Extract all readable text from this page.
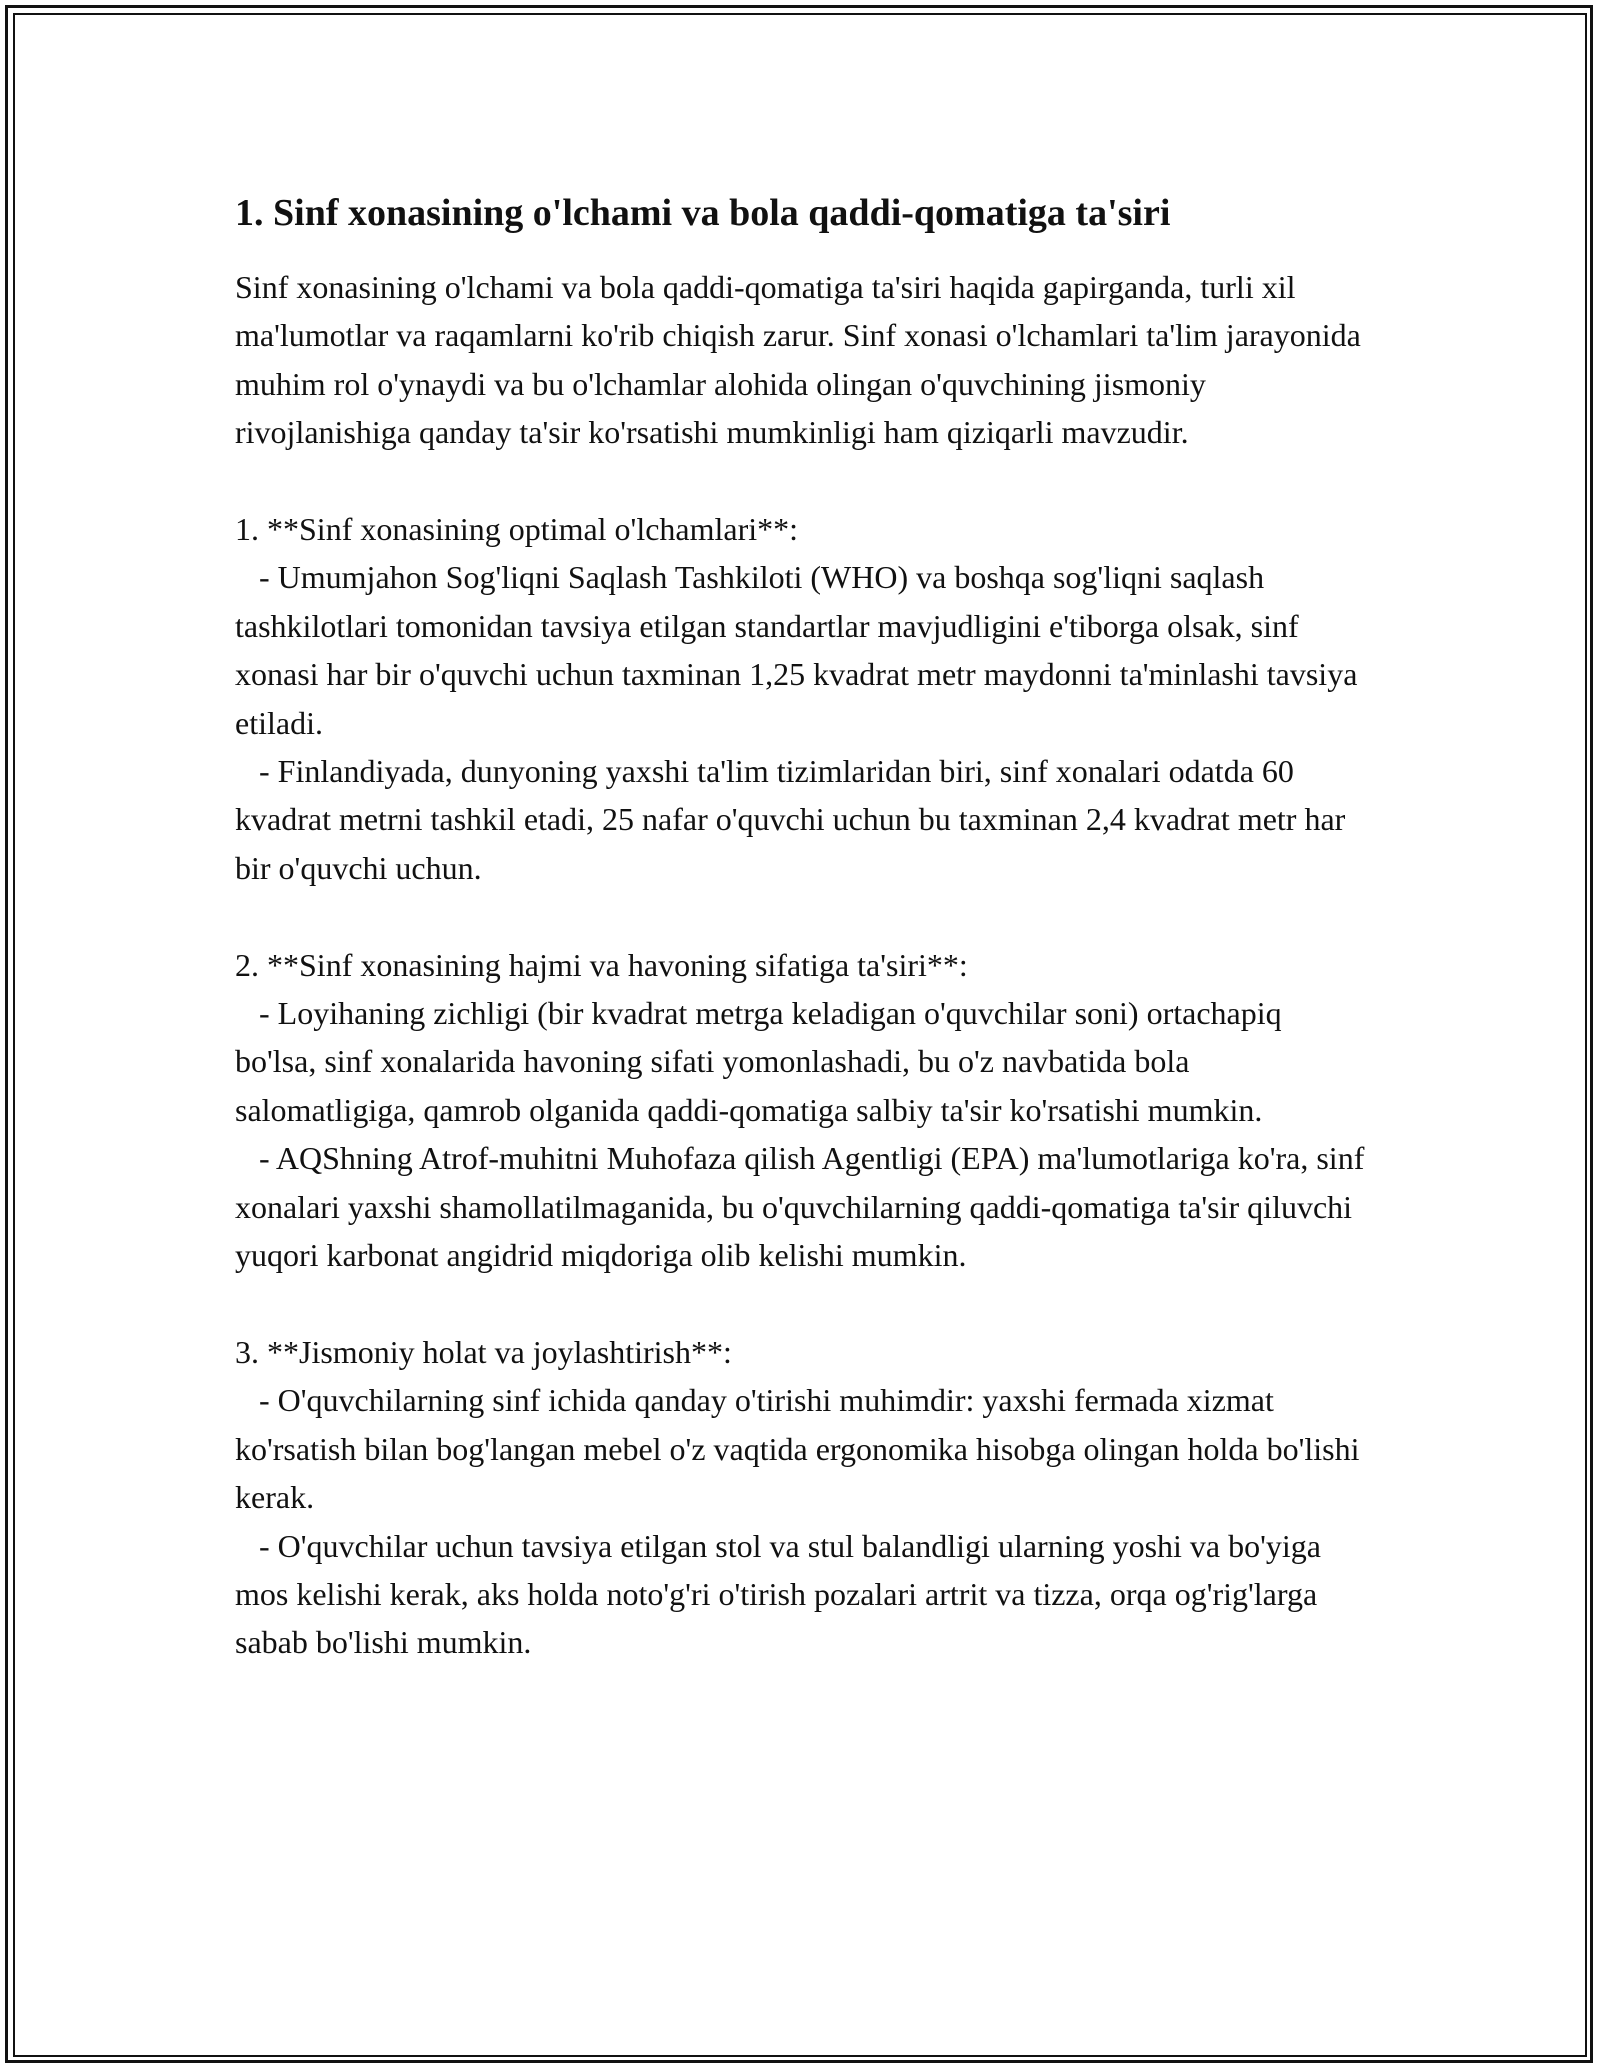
1. Sinf xonasining o'lchami va bola qaddi-qomatiga ta'siri

Sinf xonasining o'lchami va bola qaddi-qomatiga ta'siri haqida gapirganda, turli xil ma'lumotlar va raqamlarni ko'rib chiqish zarur. Sinf xonasi o'lchamlari ta'lim jarayonida muhim rol o'ynaydi va bu o'lchamlar alohida olingan o'quvchining jismoniy rivojlanishiga qanday ta'sir ko'rsatishi mumkinligi ham qiziqarli mavzudir.

1. **Sinf xonasining optimal o'lchamlari**:

- Umumjahon Sog'liqni Saqlash Tashkiloti (WHO) va boshqa sog'liqni saqlash tashkilotlari tomonidan tavsiya etilgan standartlar mavjudligini e'tiborga olsak, sinf xonasi har bir o'quvchi uchun taxminan 1,25 kvadrat metr maydonni ta'minlashi tavsiya etiladi.

- Finlandiyada, dunyoning yaxshi ta'lim tizimlaridan biri, sinf xonalari odatda 60 kvadrat metrni tashkil etadi, 25 nafar o'quvchi uchun bu taxminan 2,4 kvadrat metr har bir o'quvchi uchun.

2. **Sinf xonasining hajmi va havoning sifatiga ta'siri**:

- Loyihaning zichligi (bir kvadrat metrga keladigan o'quvchilar soni) ortachapiq bo'lsa, sinf xonalarida havoning sifati yomonlashadi, bu o'z navbatida bola salomatligiga, qamrob olganida qaddi-qomatiga salbiy ta'sir ko'rsatishi mumkin.

- AQShning Atrof-muhitni Muhofaza qilish Agentligi (EPA) ma'lumotlariga ko'ra, sinf xonalari yaxshi shamollatilmaganida, bu o'quvchilarning qaddi-qomatiga ta'sir qiluvchi yuqori karbonat angidrid miqdoriga olib kelishi mumkin.

3. **Jismoniy holat va joylashtirish**:

- O'quvchilarning sinf ichida qanday o'tirishi muhimdir: yaxshi fermada xizmat ko'rsatish bilan bog'langan mebel o'z vaqtida ergonomika hisobga olingan holda bo'lishi kerak.

- O'quvchilar uchun tavsiya etilgan stol va stul balandligi ularning yoshi va bo'yiga mos kelishi kerak, aks holda noto'g'ri o'tirish pozalari artrit va tizza, orqa og'rig'larga sabab bo'lishi mumkin.
